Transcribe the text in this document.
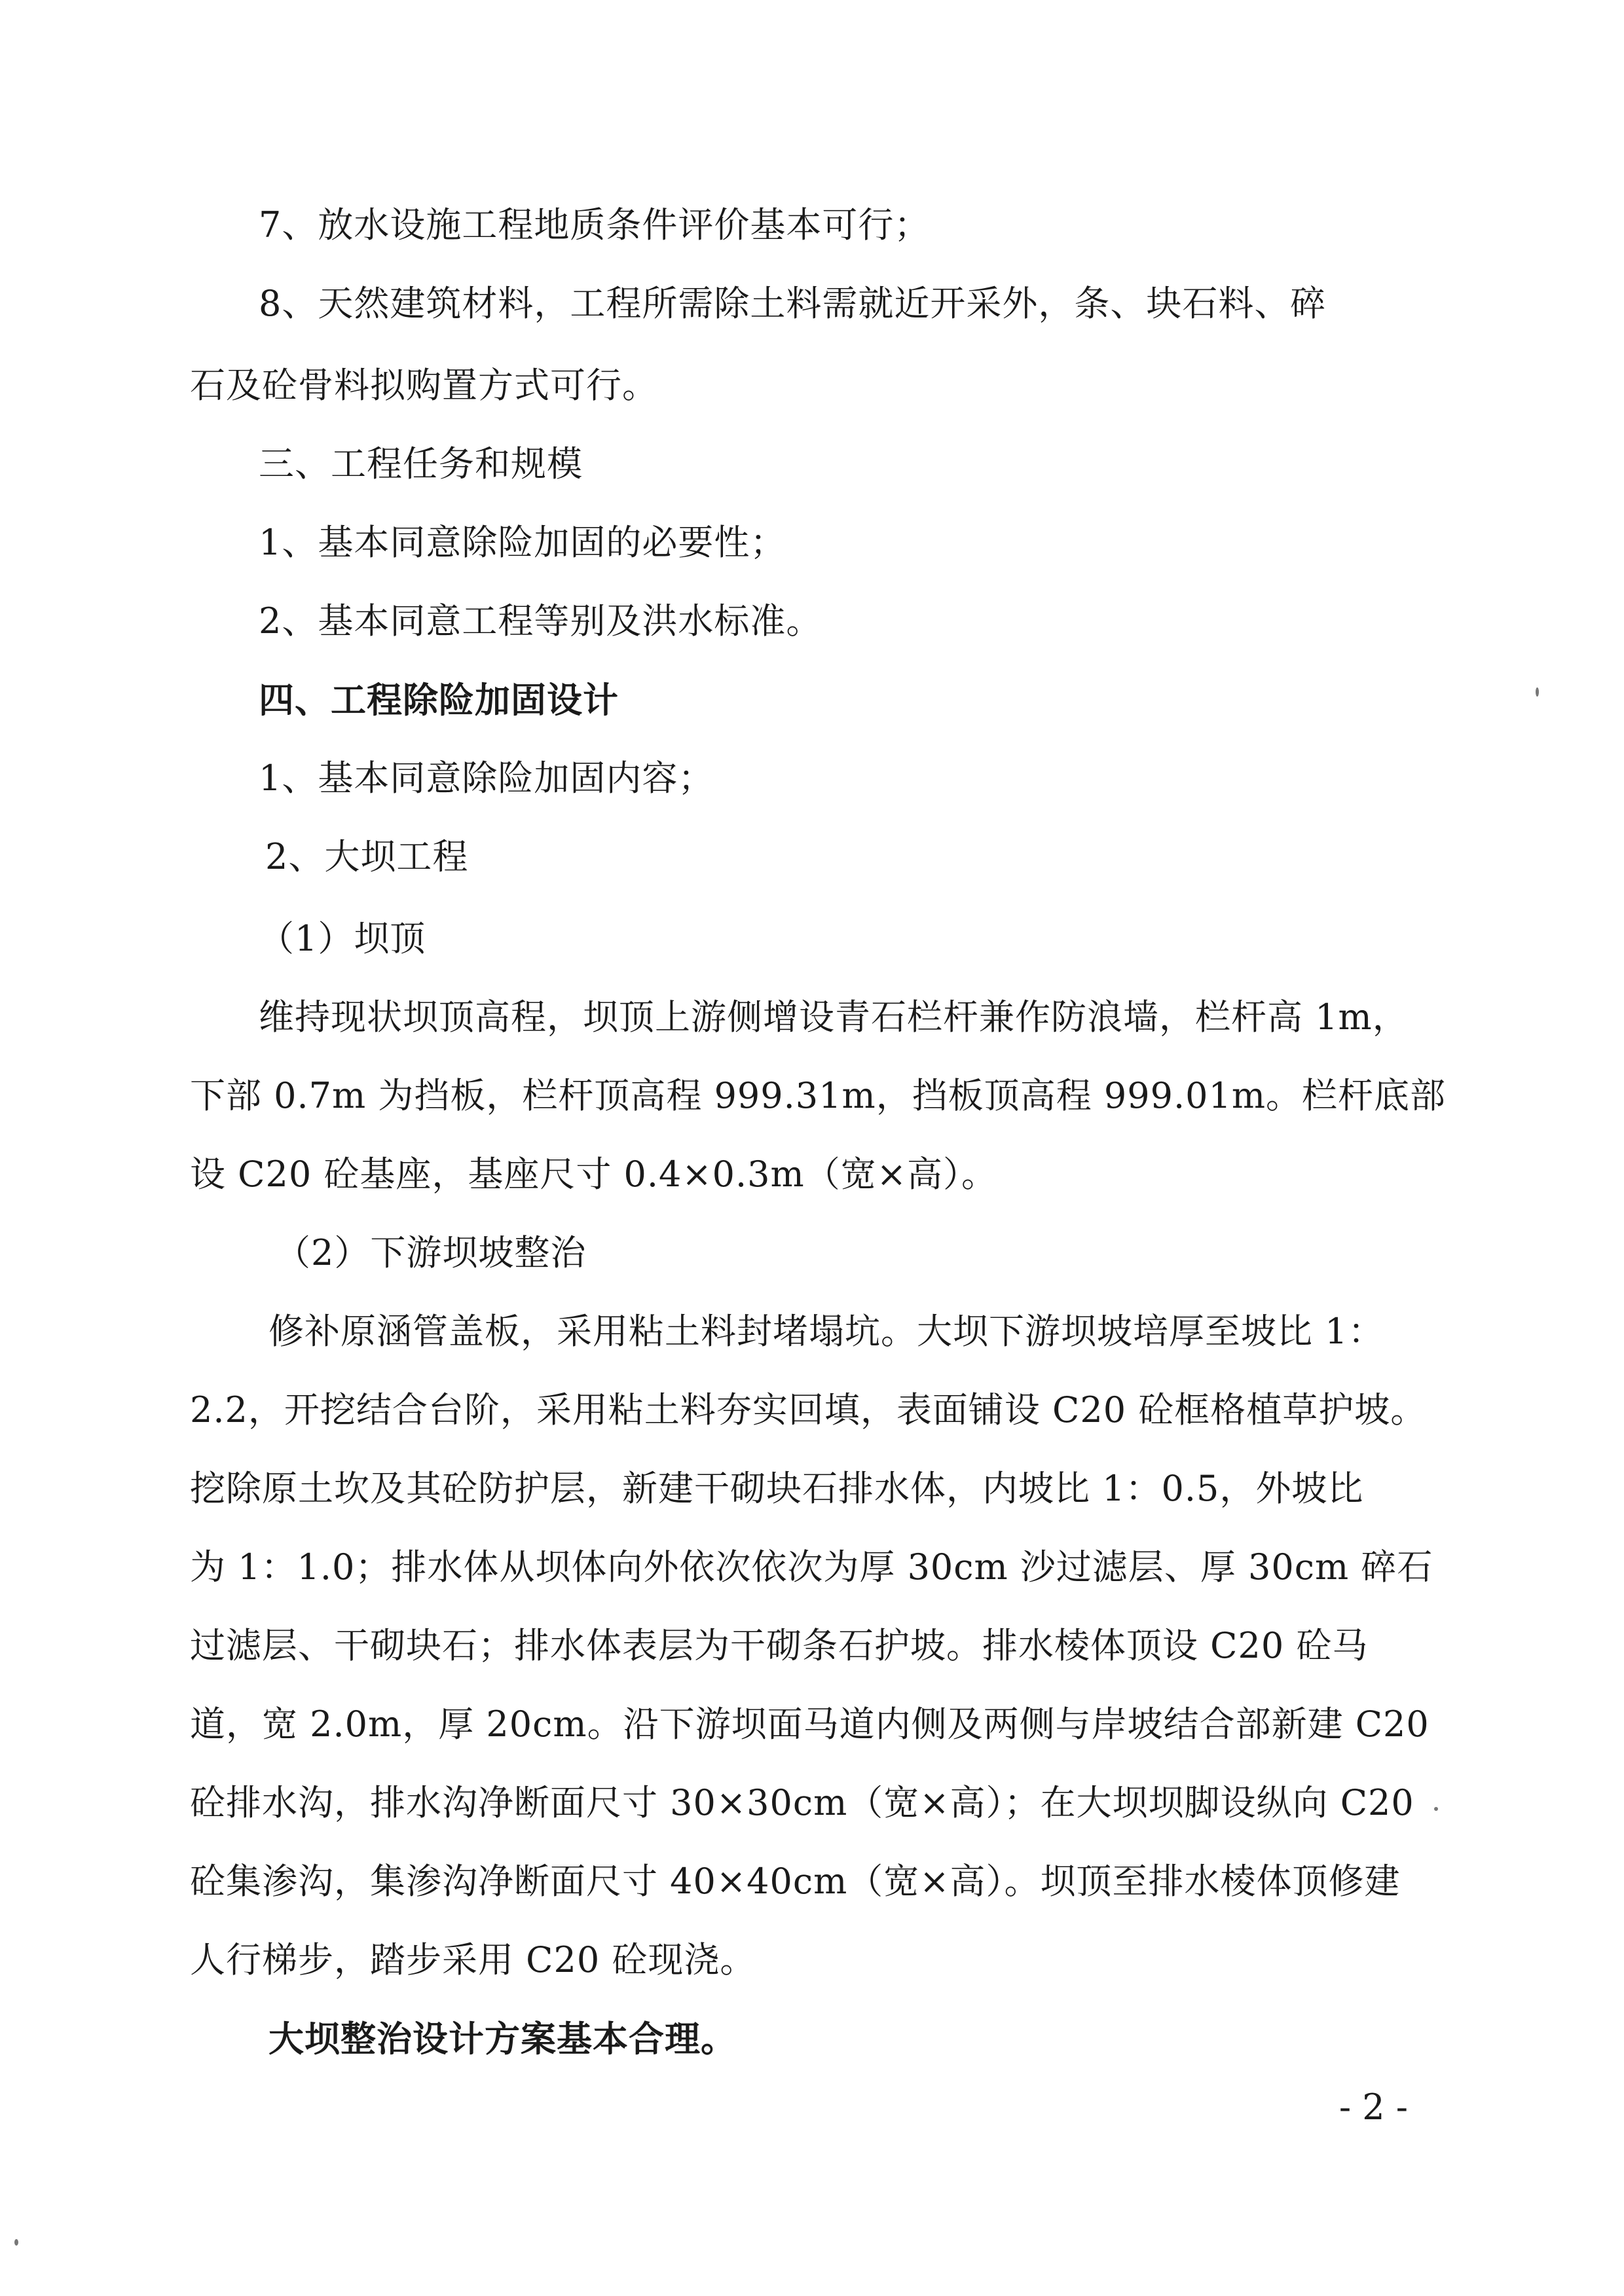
7、放水设施工程地质条件评价基本可行；

8、天然建筑材料，工程所需除土料需就近开采外，条、块石料、碎

石及砼骨料拟购置方式可行。

三、工程任务和规模

1、基本同意除险加固的必要性；

2、基本同意工程等别及洪水标准。

四、工程除险加固设计

1、基本同意除险加固内容；

2、大坝工程

（1）坝顶

维持现状坝顶高程，坝顶上游侧增设青石栏杆兼作防浪墙，栏杆高 1m，

下部 0.7m 为挡板，栏杆顶高程 999.31m，挡板顶高程 999.01m。栏杆底部

设 C20 砼基座，基座尺寸 0.4×0.3m（宽×高）。

（2）下游坝坡整治

修补原涵管盖板，采用粘土料封堵塌坑。大坝下游坝坡培厚至坡比 1：

2.2，开挖结合台阶，采用粘土料夯实回填，表面铺设 C20 砼框格植草护坡。

挖除原土坎及其砼防护层，新建干砌块石排水体，内坡比 1：0.5，外坡比

为 1：1.0；排水体从坝体向外依次依次为厚 30cm 沙过滤层、厚 30cm 碎石

过滤层、干砌块石；排水体表层为干砌条石护坡。排水棱体顶设 C20 砼马

道，宽 2.0m，厚 20cm。沿下游坝面马道内侧及两侧与岸坡结合部新建 C20

砼排水沟，排水沟净断面尺寸 30×30cm（宽×高）；在大坝坝脚设纵向 C20

砼集渗沟，集渗沟净断面尺寸 40×40cm（宽×高）。坝顶至排水棱体顶修建

人行梯步，踏步采用 C20 砼现浇。

大坝整治设计方案基本合理。

- 2 -
